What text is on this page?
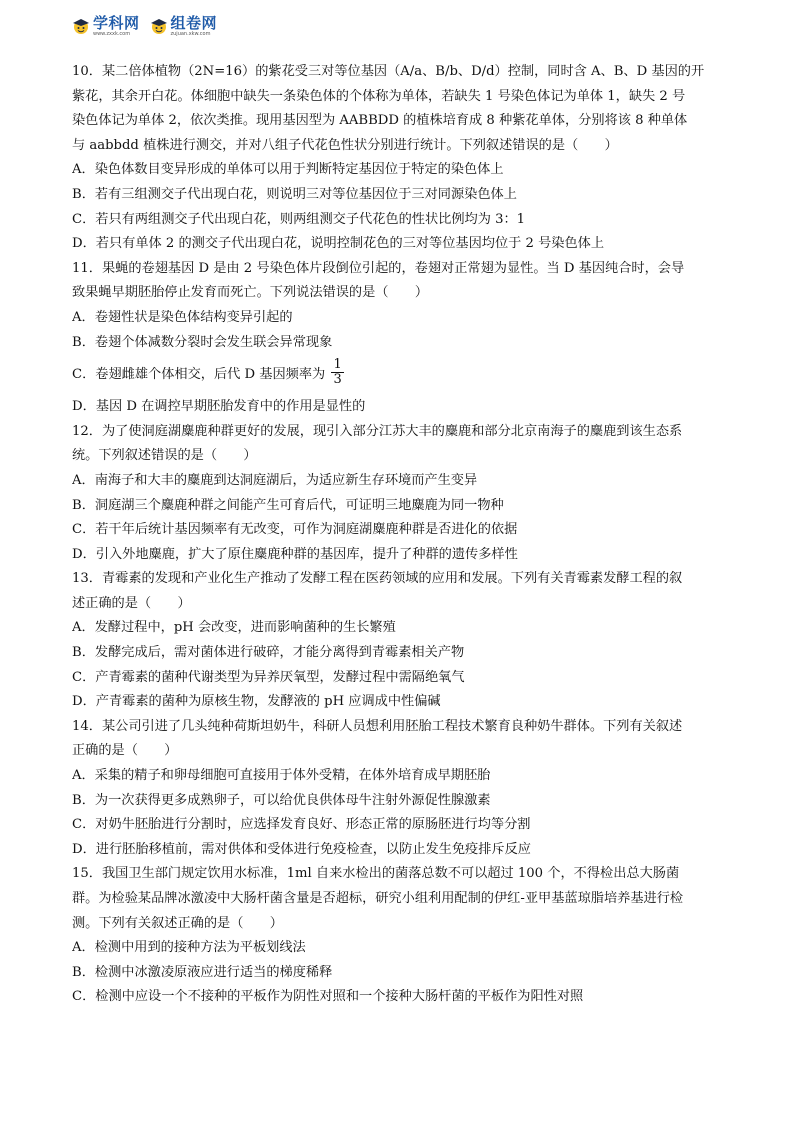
学科网
www.zxxk.com
组卷网
zujuan.xkw.com
10．某二倍体植物（2N=16）的紫花受三对等位基因（A/a、B/b、D/d）控制，同时含 A、B、D 基因的开
紫花，其余开白花。体细胞中缺失一条染色体的个体称为单体，若缺失 1 号染色体记为单体 1，缺失 2 号
染色体记为单体 2，依次类推。现用基因型为 AABBDD 的植株培育成 8 种紫花单体，分别将该 8 种单体
与 aabbdd 植株进行测交，并对八组子代花色性状分别进行统计。下列叙述错误的是（　　）
A．染色体数目变异形成的单体可以用于判断特定基因位于特定的染色体上
B．若有三组测交子代出现白花，则说明三对等位基因位于三对同源染色体上
C．若只有两组测交子代出现白花，则两组测交子代花色的性状比例均为 3：1
D．若只有单体 2 的测交子代出现白花，说明控制花色的三对等位基因均位于 2 号染色体上
11．果蝇的卷翅基因 D 是由 2 号染色体片段倒位引起的，卷翅对正常翅为显性。当 D 基因纯合时，会导
致果蝇早期胚胎停止发育而死亡。下列说法错误的是（　　）
A．卷翅性状是染色体结构变异引起的
B．卷翅个体减数分裂时会发生联会异常现象
C．卷翅雌雄个体相交，后代 D 基因频率为 $\frac{1}{3}$
D．基因 D 在调控早期胚胎发育中的作用是显性的
12．为了使洞庭湖麋鹿种群更好的发展，现引入部分江苏大丰的麋鹿和部分北京南海子的麋鹿到该生态系
统。下列叙述错误的是（　　）
A．南海子和大丰的麋鹿到达洞庭湖后，为适应新生存环境而产生变异
B．洞庭湖三个麋鹿种群之间能产生可育后代，可证明三地麋鹿为同一物种
C．若干年后统计基因频率有无改变，可作为洞庭湖麋鹿种群是否进化的依据
D．引入外地麋鹿，扩大了原住麋鹿种群的基因库，提升了种群的遗传多样性
13．青霉素的发现和产业化生产推动了发酵工程在医药领域的应用和发展。下列有关青霉素发酵工程的叙
述正确的是（　　）
A．发酵过程中，pH 会改变，进而影响菌种的生长繁殖
B．发酵完成后，需对菌体进行破碎，才能分离得到青霉素相关产物
C．产青霉素的菌种代谢类型为异养厌氧型，发酵过程中需隔绝氧气
D．产青霉素的菌种为原核生物，发酵液的 pH 应调成中性偏碱
14．某公司引进了几头纯种荷斯坦奶牛，科研人员想利用胚胎工程技术繁育良种奶牛群体。下列有关叙述
正确的是（　　）
A．采集的精子和卵母细胞可直接用于体外受精，在体外培育成早期胚胎
B．为一次获得更多成熟卵子，可以给优良供体母牛注射外源促性腺激素
C．对奶牛胚胎进行分割时，应选择发育良好、形态正常的原肠胚进行均等分割
D．进行胚胎移植前，需对供体和受体进行免疫检查，以防止发生免疫排斥反应
15．我国卫生部门规定饮用水标准，1ml 自来水检出的菌落总数不可以超过 100 个，不得检出总大肠菌
群。为检验某品牌冰激凌中大肠杆菌含量是否超标，研究小组利用配制的伊红-亚甲基蓝琼脂培养基进行检
测。下列有关叙述正确的是（　　）
A．检测中用到的接种方法为平板划线法
B．检测中冰激凌原液应进行适当的梯度稀释
C．检测中应设一个不接种的平板作为阴性对照和一个接种大肠杆菌的平板作为阳性对照
